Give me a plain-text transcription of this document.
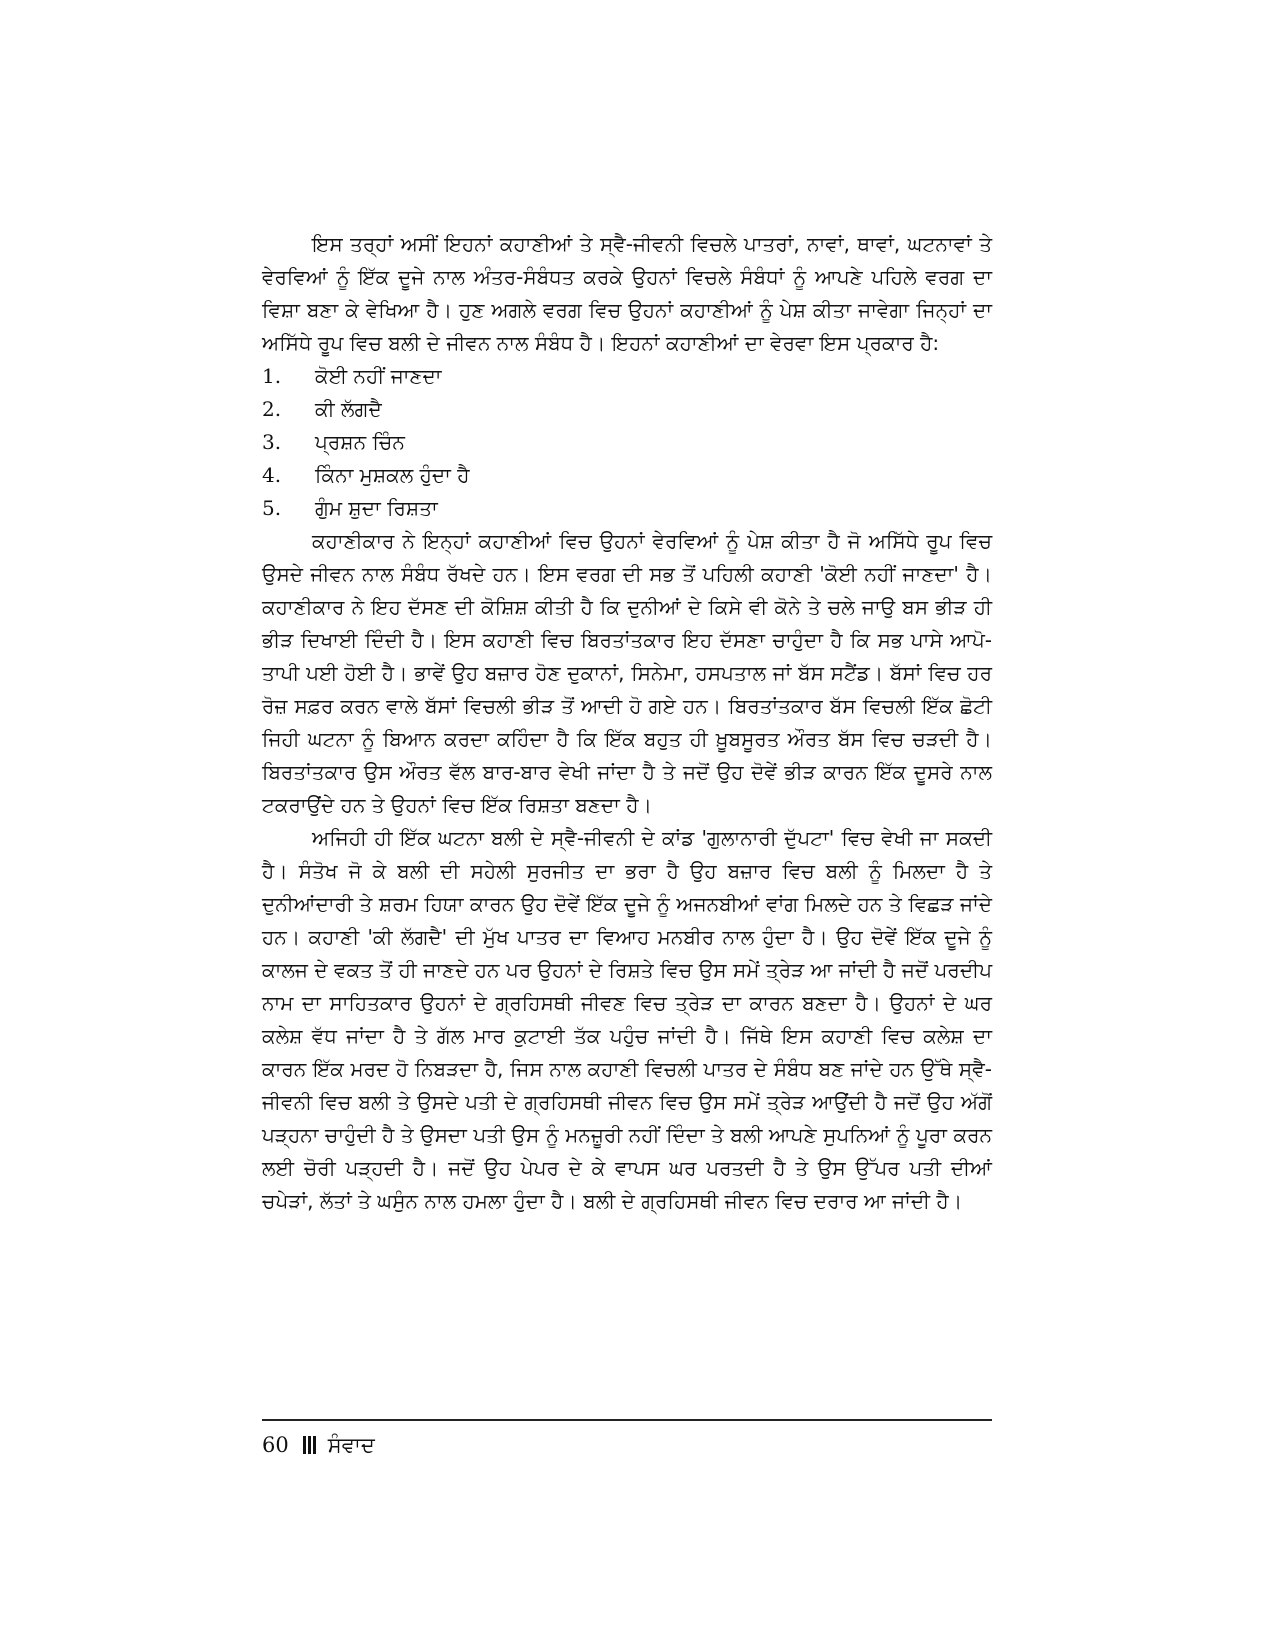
ਇਸ ਤਰ੍ਹਾਂ ਅਸੀਂ ਇਹਨਾਂ ਕਹਾਣੀਆਂ ਤੇ ਸ੍ਵੈ-ਜੀਵਨੀ ਵਿਚਲੇ ਪਾਤਰਾਂ, ਨਾਵਾਂ, ਥਾਵਾਂ, ਘਟਨਾਵਾਂ ਤੇ ਵੇਰਵਿਆਂ ਨੂੰ ਇੱਕ ਦੂਜੇ ਨਾਲ ਅੰਤਰ-ਸੰਬੰਧਤ ਕਰਕੇ ਉਹਨਾਂ ਵਿਚਲੇ ਸੰਬੰਧਾਂ ਨੂੰ ਆਪਣੇ ਪਹਿਲੇ ਵਰਗ ਦਾ ਵਿਸ਼ਾ ਬਣਾ ਕੇ ਵੇਖਿਆ ਹੈ। ਹੁਣ ਅਗਲੇ ਵਰਗ ਵਿਚ ਉਹਨਾਂ ਕਹਾਣੀਆਂ ਨੂੰ ਪੇਸ਼ ਕੀਤਾ ਜਾਵੇਗਾ ਜਿਨ੍ਹਾਂ ਦਾ ਅਸਿੱਧੇ ਰੂਪ ਵਿਚ ਬਲੀ ਦੇ ਜੀਵਨ ਨਾਲ ਸੰਬੰਧ ਹੈ। ਇਹਨਾਂ ਕਹਾਣੀਆਂ ਦਾ ਵੇਰਵਾ ਇਸ ਪ੍ਰਕਾਰ ਹੈ:

1.	ਕੋਈ ਨਹੀਂ ਜਾਣਦਾ
2.	ਕੀ ਲੱਗਦੈ
3.	ਪ੍ਰਸ਼ਨ ਚਿੰਨ
4.	ਕਿੰਨਾ ਮੁਸ਼ਕਲ ਹੁੰਦਾ ਹੈ
5.	ਗੁੰਮ ਸ਼ੁਦਾ ਰਿਸ਼ਤਾ

ਕਹਾਣੀਕਾਰ ਨੇ ਇਨ੍ਹਾਂ ਕਹਾਣੀਆਂ ਵਿਚ ਉਹਨਾਂ ਵੇਰਵਿਆਂ ਨੂੰ ਪੇਸ਼ ਕੀਤਾ ਹੈ ਜੋ ਅਸਿੱਧੇ ਰੂਪ ਵਿਚ ਉਸਦੇ ਜੀਵਨ ਨਾਲ ਸੰਬੰਧ ਰੱਖਦੇ ਹਨ। ਇਸ ਵਰਗ ਦੀ ਸਭ ਤੋਂ ਪਹਿਲੀ ਕਹਾਣੀ 'ਕੋਈ ਨਹੀਂ ਜਾਣਦਾ' ਹੈ। ਕਹਾਣੀਕਾਰ ਨੇ ਇਹ ਦੱਸਣ ਦੀ ਕੋਸ਼ਿਸ਼ ਕੀਤੀ ਹੈ ਕਿ ਦੁਨੀਆਂ ਦੇ ਕਿਸੇ ਵੀ ਕੋਨੇ ਤੇ ਚਲੇ ਜਾਉ ਬਸ ਭੀੜ ਹੀ ਭੀੜ ਦਿਖਾਈ ਦਿੰਦੀ ਹੈ। ਇਸ ਕਹਾਣੀ ਵਿਚ ਬਿਰਤਾਂਤਕਾਰ ਇਹ ਦੱਸਣਾ ਚਾਹੁੰਦਾ ਹੈ ਕਿ ਸਭ ਪਾਸੇ ਆਪੋ-ਤਾਪੀ ਪਈ ਹੋਈ ਹੈ। ਭਾਵੇਂ ਉਹ ਬਜ਼ਾਰ ਹੋਣ ਦੁਕਾਨਾਂ, ਸਿਨੇਮਾ, ਹਸਪਤਾਲ ਜਾਂ ਬੱਸ ਸਟੈਂਡ। ਬੱਸਾਂ ਵਿਚ ਹਰ ਰੋਜ਼ ਸਫ਼ਰ ਕਰਨ ਵਾਲੇ ਬੱਸਾਂ ਵਿਚਲੀ ਭੀੜ ਤੋਂ ਆਦੀ ਹੋ ਗਏ ਹਨ। ਬਿਰਤਾਂਤਕਾਰ ਬੱਸ ਵਿਚਲੀ ਇੱਕ ਛੋਟੀ ਜਿਹੀ ਘਟਨਾ ਨੂੰ ਬਿਆਨ ਕਰਦਾ ਕਹਿੰਦਾ ਹੈ ਕਿ ਇੱਕ ਬਹੁਤ ਹੀ ਖ਼ੂਬਸੂਰਤ ਔਰਤ ਬੱਸ ਵਿਚ ਚੜਦੀ ਹੈ। ਬਿਰਤਾਂਤਕਾਰ ਉਸ ਔਰਤ ਵੱਲ ਬਾਰ-ਬਾਰ ਵੇਖੀ ਜਾਂਦਾ ਹੈ ਤੇ ਜਦੋਂ ਉਹ ਦੋਵੇਂ ਭੀੜ ਕਾਰਨ ਇੱਕ ਦੂਸਰੇ ਨਾਲ ਟਕਰਾਉਂਦੇ ਹਨ ਤੇ ਉਹਨਾਂ ਵਿਚ ਇੱਕ ਰਿਸ਼ਤਾ ਬਣਦਾ ਹੈ।

ਅਜਿਹੀ ਹੀ ਇੱਕ ਘਟਨਾ ਬਲੀ ਦੇ ਸ੍ਵੈ-ਜੀਵਨੀ ਦੇ ਕਾਂਡ 'ਗੁਲਾਨਾਰੀ ਦੁੱਪਟਾ' ਵਿਚ ਵੇਖੀ ਜਾ ਸਕਦੀ ਹੈ। ਸੰਤੋਖ ਜੋ ਕੇ ਬਲੀ ਦੀ ਸਹੇਲੀ ਸੁਰਜੀਤ ਦਾ ਭਰਾ ਹੈ ਉਹ ਬਜ਼ਾਰ ਵਿਚ ਬਲੀ ਨੂੰ ਮਿਲਦਾ ਹੈ ਤੇ ਦੁਨੀਆਂਦਾਰੀ ਤੇ ਸ਼ਰਮ ਹਿਯਾ ਕਾਰਨ ਉਹ ਦੋਵੇਂ ਇੱਕ ਦੂਜੇ ਨੂੰ ਅਜਨਬੀਆਂ ਵਾਂਗ ਮਿਲਦੇ ਹਨ ਤੇ ਵਿਛੜ ਜਾਂਦੇ ਹਨ। ਕਹਾਣੀ 'ਕੀ ਲੱਗਦੈ' ਦੀ ਮੁੱਖ ਪਾਤਰ ਦਾ ਵਿਆਹ ਮਨਬੀਰ ਨਾਲ ਹੁੰਦਾ ਹੈ। ਉਹ ਦੋਵੇਂ ਇੱਕ ਦੂਜੇ ਨੂੰ ਕਾਲਜ ਦੇ ਵਕਤ ਤੋਂ ਹੀ ਜਾਣਦੇ ਹਨ ਪਰ ਉਹਨਾਂ ਦੇ ਰਿਸ਼ਤੇ ਵਿਚ ਉਸ ਸਮੇਂ ਤ੍ਰੇੜ ਆ ਜਾਂਦੀ ਹੈ ਜਦੋਂ ਪਰਦੀਪ ਨਾਮ ਦਾ ਸਾਹਿਤਕਾਰ ਉਹਨਾਂ ਦੇ ਗ੍ਰਹਿਸਥੀ ਜੀਵਣ ਵਿਚ ਤ੍ਰੇੜ ਦਾ ਕਾਰਨ ਬਣਦਾ ਹੈ। ਉਹਨਾਂ ਦੇ ਘਰ ਕਲੇਸ਼ ਵੱਧ ਜਾਂਦਾ ਹੈ ਤੇ ਗੱਲ ਮਾਰ ਕੁਟਾਈ ਤੱਕ ਪਹੁੰਚ ਜਾਂਦੀ ਹੈ। ਜਿੱਥੇ ਇਸ ਕਹਾਣੀ ਵਿਚ ਕਲੇਸ਼ ਦਾ ਕਾਰਨ ਇੱਕ ਮਰਦ ਹੋ ਨਿਬੜਦਾ ਹੈ, ਜਿਸ ਨਾਲ ਕਹਾਣੀ ਵਿਚਲੀ ਪਾਤਰ ਦੇ ਸੰਬੰਧ ਬਣ ਜਾਂਦੇ ਹਨ ਉੱਥੇ ਸ੍ਵੈ-ਜੀਵਨੀ ਵਿਚ ਬਲੀ ਤੇ ਉਸਦੇ ਪਤੀ ਦੇ ਗ੍ਰਹਿਸਥੀ ਜੀਵਨ ਵਿਚ ਉਸ ਸਮੇਂ ਤ੍ਰੇੜ ਆਉਂਦੀ ਹੈ ਜਦੋਂ ਉਹ ਅੱਗੋਂ ਪੜ੍ਹਨਾ ਚਾਹੁੰਦੀ ਹੈ ਤੇ ਉਸਦਾ ਪਤੀ ਉਸ ਨੂੰ ਮਨਜ਼ੂਰੀ ਨਹੀਂ ਦਿੰਦਾ ਤੇ ਬਲੀ ਆਪਣੇ ਸੁਪਨਿਆਂ ਨੂੰ ਪੂਰਾ ਕਰਨ ਲਈ ਚੋਰੀ ਪੜ੍ਹਦੀ ਹੈ। ਜਦੋਂ ਉਹ ਪੇਪਰ ਦੇ ਕੇ ਵਾਪਸ ਘਰ ਪਰਤਦੀ ਹੈ ਤੇ ਉਸ ਉੱਪਰ ਪਤੀ ਦੀਆਂ ਚਪੇੜਾਂ, ਲੱਤਾਂ ਤੇ ਘਸੁੰਨ ਨਾਲ ਹਮਲਾ ਹੁੰਦਾ ਹੈ। ਬਲੀ ਦੇ ਗ੍ਰਹਿਸਥੀ ਜੀਵਨ ਵਿਚ ਦਰਾਰ ਆ ਜਾਂਦੀ ਹੈ।

60 ਸੰਵਾਦ
